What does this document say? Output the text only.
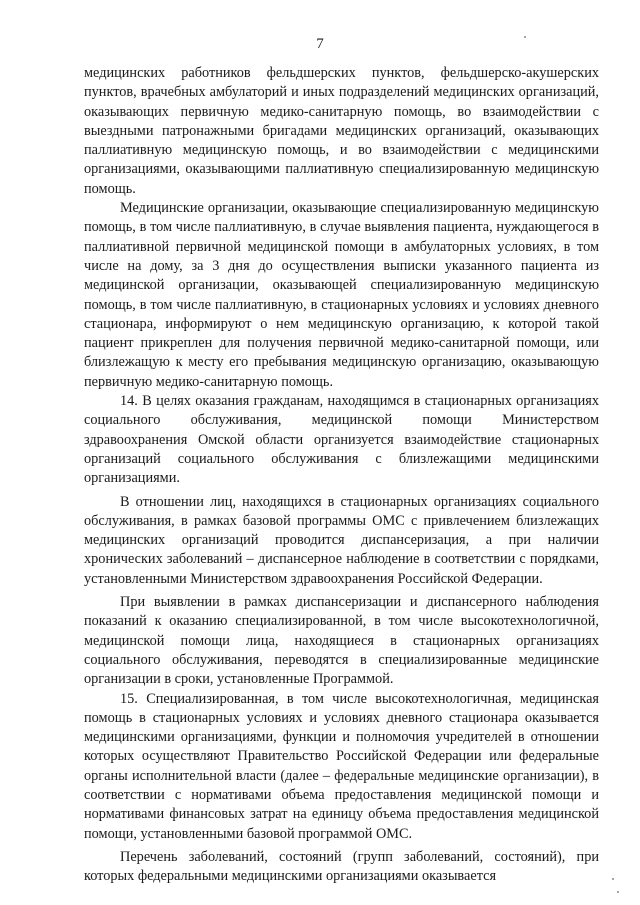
7

медицинских работников фельдшерских пунктов, фельдшерско-акушерских пунктов, врачебных амбулаторий и иных подразделений медицинских организаций, оказывающих первичную медико-санитарную помощь, во взаимодействии с выездными патронажными бригадами медицинских организаций, оказывающих паллиативную медицинскую помощь, и во взаимодействии с медицинскими организациями, оказывающими паллиативную специализированную медицинскую помощь.

Медицинские организации, оказывающие специализированную медицинскую помощь, в том числе паллиативную, в случае выявления пациента, нуждающегося в паллиативной первичной медицинской помощи в амбулаторных условиях, в том числе на дому, за 3 дня до осуществления выписки указанного пациента из медицинской организации, оказывающей специализированную медицинскую помощь, в том числе паллиативную, в стационарных условиях и условиях дневного стационара, информируют о нем медицинскую организацию, к которой такой пациент прикреплен для получения первичной медико-санитарной помощи, или близлежащую к месту его пребывания медицинскую организацию, оказывающую первичную медико-санитарную помощь.

14. В целях оказания гражданам, находящимся в стационарных организациях социального обслуживания, медицинской помощи Министерством здравоохранения Омской области организуется взаимодействие стационарных организаций социального обслуживания с близлежащими медицинскими организациями.

В отношении лиц, находящихся в стационарных организациях социального обслуживания, в рамках базовой программы ОМС с привлечением близлежащих медицинских организаций проводится диспансеризация, а при наличии хронических заболеваний – диспансерное наблюдение в соответствии с порядками, установленными Министерством здравоохранения Российской Федерации.

При выявлении в рамках диспансеризации и диспансерного наблюдения показаний к оказанию специализированной, в том числе высокотехнологичной, медицинской помощи лица, находящиеся в стационарных организациях социального обслуживания, переводятся в специализированные медицинские организации в сроки, установленные Программой.

15. Специализированная, в том числе высокотехнологичная, медицинская помощь в стационарных условиях и условиях дневного стационара оказывается медицинскими организациями, функции и полномочия учредителей в отношении которых осуществляют Правительство Российской Федерации или федеральные органы исполнительной власти (далее – федеральные медицинские организации), в соответствии с нормативами объема предоставления медицинской помощи и нормативами финансовых затрат на единицу объема предоставления медицинской помощи, установленными базовой программой ОМС.

Перечень заболеваний, состояний (групп заболеваний, состояний), при которых федеральными медицинскими организациями оказывается
